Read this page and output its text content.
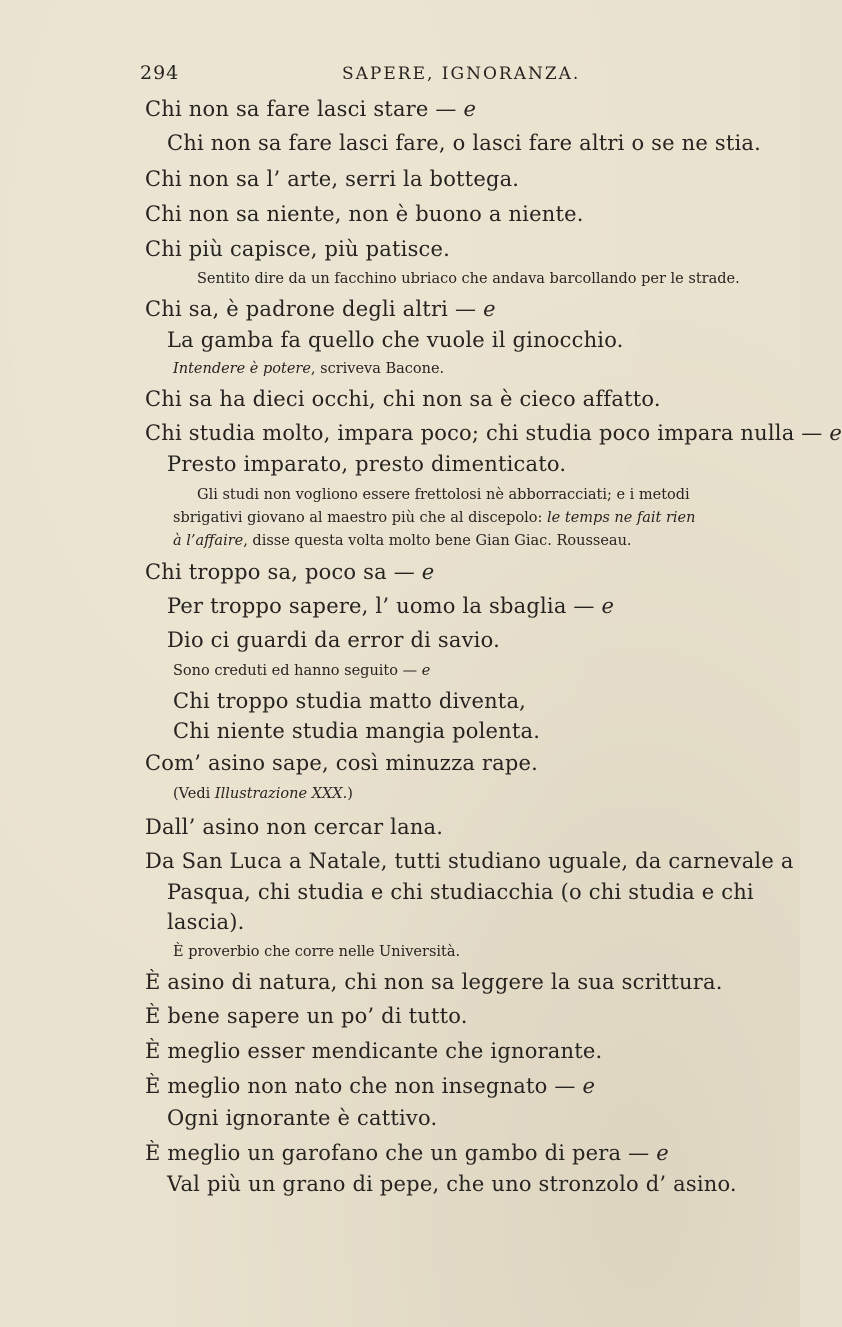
294	SAPERE, IGNORANZA.
Chi non sa fare lasci stare — e
Chi non sa fare lasci fare, o lasci fare altri o se ne stia.
Chi non sa l’ arte, serri la bottega.
Chi non sa niente, non è buono a niente.
Chi più capisce, più patisce.
Sentito dire da un facchino ubriaco che andava barcollando per le strade.
Chi sa, è padrone degli altri — e
La gamba fa quello che vuole il ginocchio.
Intendere è potere, scriveva Bacone.
Chi sa ha dieci occhi, chi non sa è cieco affatto.
Chi studia molto, impara poco; chi studia poco impara nulla — e
Presto imparato, presto dimenticato.
Gli studi non vogliono essere frettolosi nè abborracciati; e i metodi
sbrigativi giovano al maestro più che al discepolo: le temps ne fait rien
à l’affaire, disse questa volta molto bene Gian Giac. Rousseau.
Chi troppo sa, poco sa — e
Per troppo sapere, l’ uomo la sbaglia — e
Dio ci guardi da error di savio.
Sono creduti ed hanno seguito — e
Chi troppo studia matto diventa,
Chi niente studia mangia polenta.
Com’ asino sape, così minuzza rape.
(Vedi Illustrazione XXX.)
Dall’ asino non cercar lana.
Da San Luca a Natale, tutti studiano uguale, da carnevale a
Pasqua, chi studia e chi studiacchia (o chi studia e chi
lascia).
È proverbio che corre nelle Università.
È asino di natura, chi non sa leggere la sua scrittura.
È bene sapere un po’ di tutto.
È meglio esser mendicante che ignorante.
È meglio non nato che non insegnato — e
Ogni ignorante è cattivo.
È meglio un garofano che un gambo di pera — e
Val più un grano di pepe, che uno stronzolo d’ asino.
